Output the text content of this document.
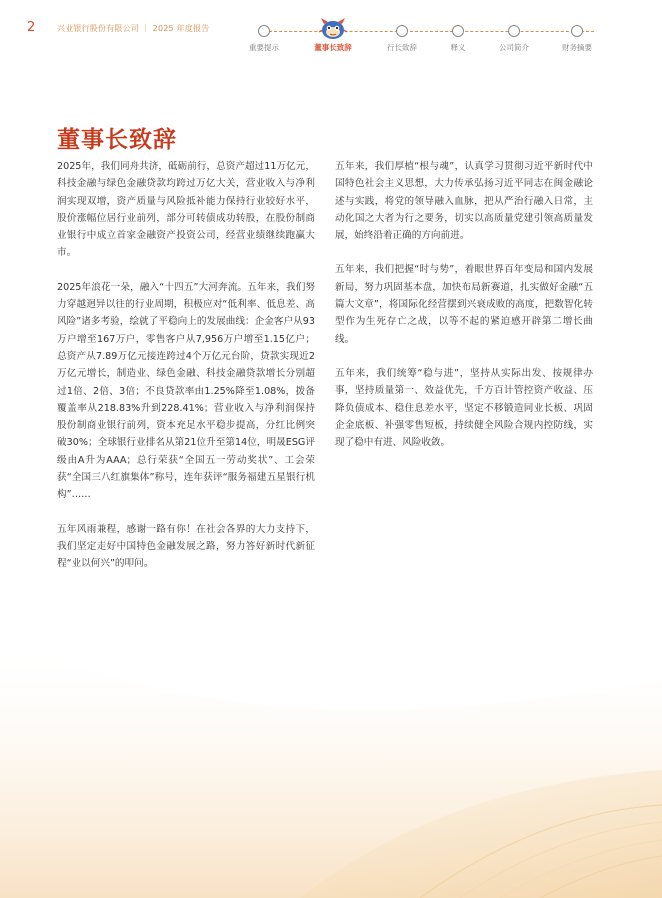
2	兴业银行股份有限公司 ｜ 2025 年度报告
重要提示	董事长致辞	行长致辞	释义	公司简介	财务摘要
董事长致辞

2025年，我们同舟共济，砥砺前行，总资产超过11万亿元，科技金融与绿色金融贷款均跨过万亿大关，营业收入与净利润实现双增，资产质量与风险抵补能力保持行业较好水平，股价涨幅位居行业前列，部分可转债成功转股，在股份制商业银行中成立首家金融资产投资公司，经营业绩继续跑赢大市。

2025年浪花一朵，融入“十四五”大河奔流。五年来，我们努力穿越迥异以往的行业周期，积极应对“低利率、低息差、高风险”诸多考验，绘就了平稳向上的发展曲线：企金客户从93万户增至167万户，零售客户从7,956万户增至1.15亿户；总资产从7.89万亿元接连跨过4个万亿元台阶，贷款实现近2万亿元增长，制造业、绿色金融、科技金融贷款增长分别超过1倍、2倍、3倍；不良贷款率由1.25%降至1.08%，拨备覆盖率从218.83%升到228.41%；营业收入与净利润保持股份制商业银行前列，资本充足水平稳步提高，分红比例突破30%；全球银行业排名从第21位升至第14位，明晟ESG评级由A升为AAA；总行荣获“全国五一劳动奖状”、工会荣获“全国三八红旗集体”称号，连年获评“服务福建五星银行机构”……

五年风雨兼程，感谢一路有你！在社会各界的大力支持下，我们坚定走好中国特色金融发展之路，努力答好新时代新征程“业以何兴”的叩问。

五年来，我们厚植“根与魂”，认真学习贯彻习近平新时代中国特色社会主义思想，大力传承弘扬习近平同志在闽金融论述与实践，将党的领导融入血脉，把从严治行融入日常，主动化国之大者为行之要务，切实以高质量党建引领高质量发展，始终沿着正确的方向前进。

五年来，我们把握“时与势”，着眼世界百年变局和国内发展新局，努力巩固基本盘，加快布局新赛道，扎实做好金融“五篇大文章”，将国际化经营摆到兴衰成败的高度，把数智化转型作为生死存亡之战，以等不起的紧迫感开辟第二增长曲线。

五年来，我们统筹“稳与进”，坚持从实际出发、按规律办事，坚持质量第一、效益优先，千方百计管控资产收益、压降负债成本、稳住息差水平，坚定不移锻造同业长板、巩固企金底板、补强零售短板，持续健全风险合规内控防线，实现了稳中有进、风险收敛。
